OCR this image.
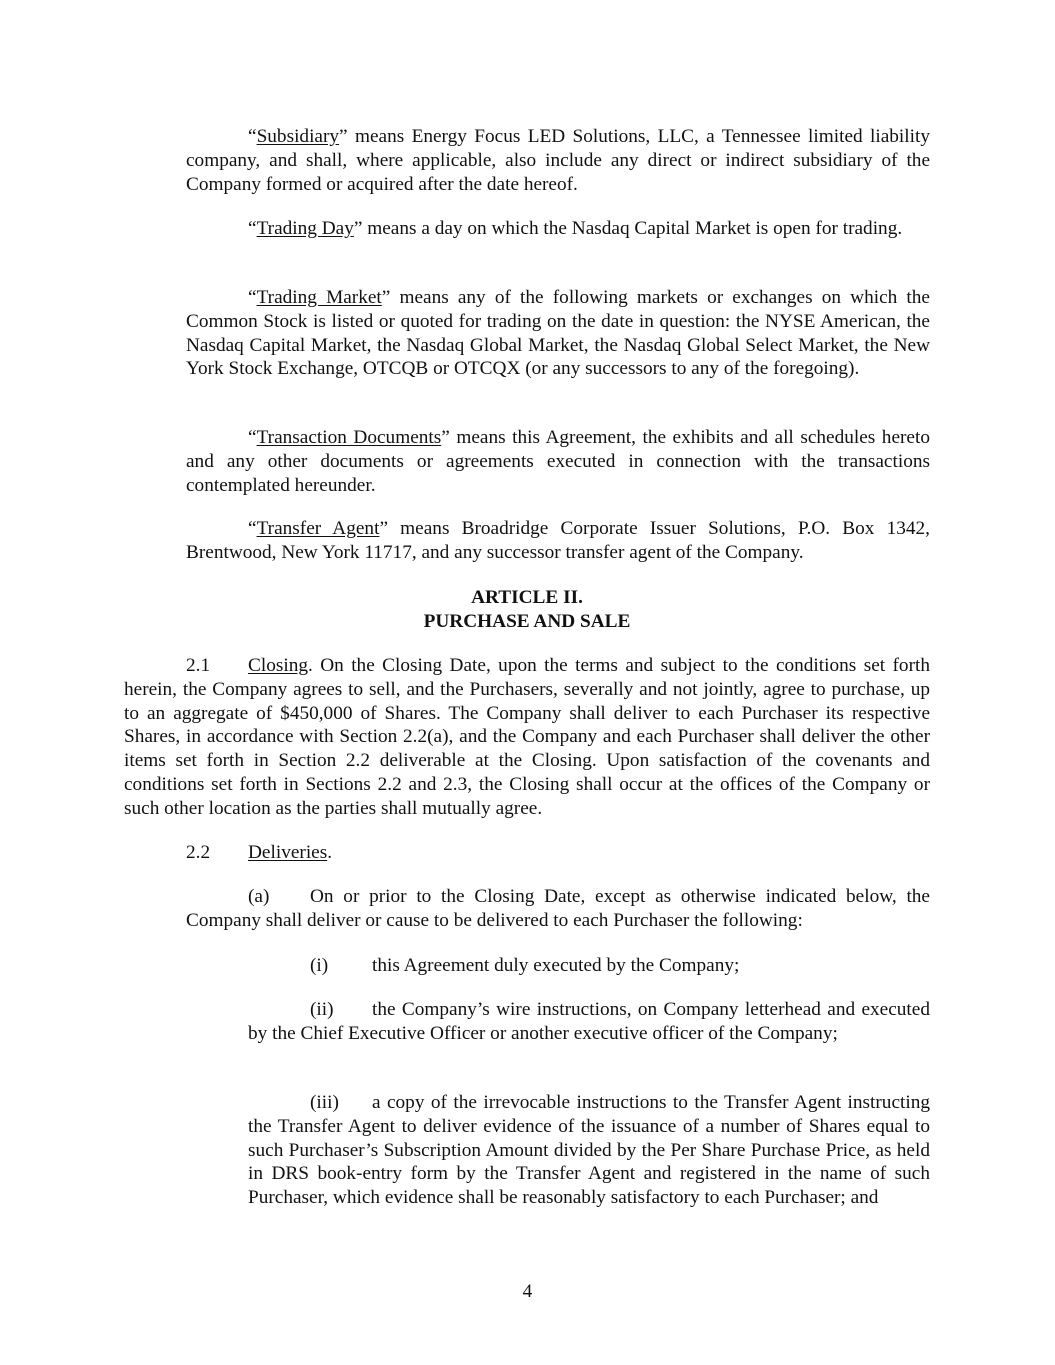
“Subsidiary” means Energy Focus LED Solutions, LLC, a Tennessee limited liability company, and shall, where applicable, also include any direct or indirect subsidiary of the Company formed or acquired after the date hereof.

“Trading Day” means a day on which the Nasdaq Capital Market is open for trading.

“Trading Market” means any of the following markets or exchanges on which the Common Stock is listed or quoted for trading on the date in question: the NYSE American, the Nasdaq Capital Market, the Nasdaq Global Market, the Nasdaq Global Select Market, the New York Stock Exchange, OTCQB or OTCQX (or any successors to any of the foregoing).

“Transaction Documents” means this Agreement, the exhibits and all schedules hereto and any other documents or agreements executed in connection with the transactions contemplated hereunder.

“Transfer Agent” means Broadridge Corporate Issuer Solutions, P.O. Box 1342, Brentwood, New York 11717, and any successor transfer agent of the Company.

ARTICLE II.

PURCHASE AND SALE

2.1 Closing. On the Closing Date, upon the terms and subject to the conditions set forth herein, the Company agrees to sell, and the Purchasers, severally and not jointly, agree to purchase, up to an aggregate of $450,000 of Shares. The Company shall deliver to each Purchaser its respective Shares, in accordance with Section 2.2(a), and the Company and each Purchaser shall deliver the other items set forth in Section 2.2 deliverable at the Closing. Upon satisfaction of the covenants and conditions set forth in Sections 2.2 and 2.3, the Closing shall occur at the offices of the Company or such other location as the parties shall mutually agree.

2.2 Deliveries.

(a) On or prior to the Closing Date, except as otherwise indicated below, the Company shall deliver or cause to be delivered to each Purchaser the following:

(i) this Agreement duly executed by the Company;

(ii) the Company’s wire instructions, on Company letterhead and executed by the Chief Executive Officer or another executive officer of the Company;

(iii) a copy of the irrevocable instructions to the Transfer Agent instructing the Transfer Agent to deliver evidence of the issuance of a number of Shares equal to such Purchaser’s Subscription Amount divided by the Per Share Purchase Price, as held in DRS book-entry form by the Transfer Agent and registered in the name of such Purchaser, which evidence shall be reasonably satisfactory to each Purchaser; and

4
